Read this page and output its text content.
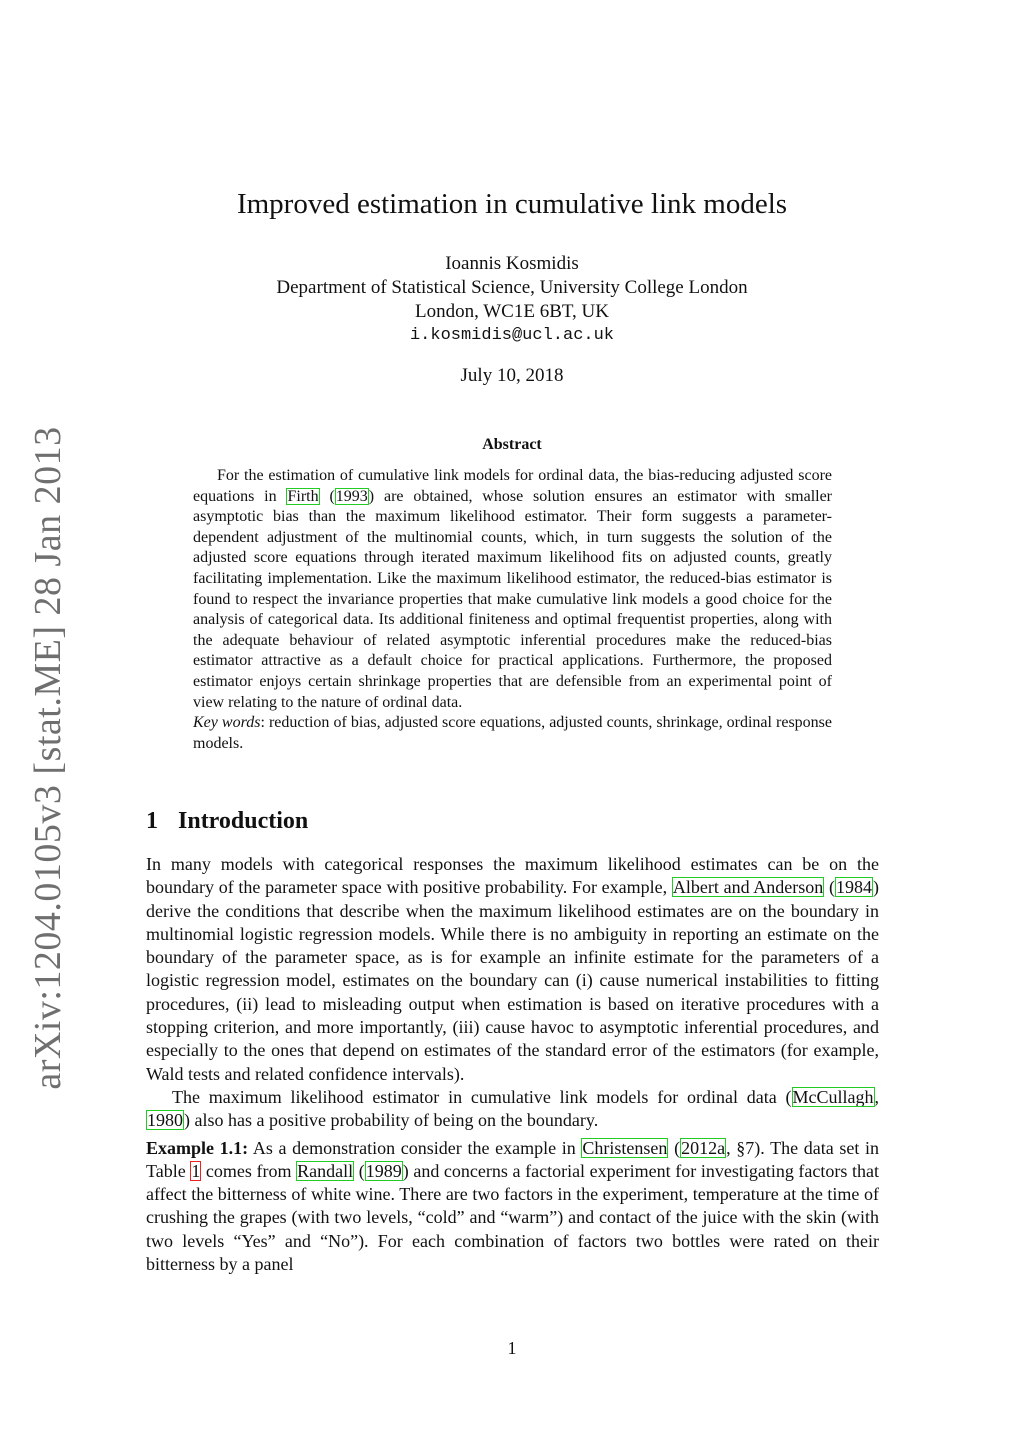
arXiv:1204.0105v3 [stat.ME] 28 Jan 2013
Improved estimation in cumulative link models
Ioannis Kosmidis
Department of Statistical Science, University College London
London, WC1E 6BT, UK
i.kosmidis@ucl.ac.uk
July 10, 2018
Abstract

For the estimation of cumulative link models for ordinal data, the bias-reducing adjusted score equations in Firth (1993) are obtained, whose solution ensures an estimator with smaller asymptotic bias than the maximum likelihood estimator. Their form suggests a parameter-dependent adjustment of the multinomial counts, which, in turn suggests the solution of the adjusted score equations through iterated maximum likelihood fits on adjusted counts, greatly facilitating implementation. Like the maximum likelihood estimator, the reduced-bias estimator is found to respect the invariance properties that make cumulative link models a good choice for the analysis of categorical data. Its additional finiteness and optimal frequentist properties, along with the adequate behaviour of related asymptotic inferential procedures make the reduced-bias estimator attractive as a default choice for practical applications. Furthermore, the proposed estimator enjoys certain shrinkage properties that are defensible from an experimental point of view relating to the nature of ordinal data.

Key words: reduction of bias, adjusted score equations, adjusted counts, shrinkage, ordinal response models.

1 Introduction

In many models with categorical responses the maximum likelihood estimates can be on the boundary of the parameter space with positive probability. For example, Albert and Anderson (1984) derive the conditions that describe when the maximum likelihood estimates are on the boundary in multinomial logistic regression models. While there is no ambiguity in reporting an estimate on the boundary of the parameter space, as is for example an infinite estimate for the parameters of a logistic regression model, estimates on the boundary can (i) cause numerical instabilities to fitting procedures, (ii) lead to misleading output when estimation is based on iterative procedures with a stopping criterion, and more importantly, (iii) cause havoc to asymptotic inferential procedures, and especially to the ones that depend on estimates of the standard error of the estimators (for example, Wald tests and related confidence intervals).

The maximum likelihood estimator in cumulative link models for ordinal data (McCullagh, 1980) also has a positive probability of being on the boundary.

Example 1.1: As a demonstration consider the example in Christensen (2012a, §7). The data set in Table 1 comes from Randall (1989) and concerns a factorial experiment for investigating factors that affect the bitterness of white wine. There are two factors in the experiment, temperature at the time of crushing the grapes (with two levels, “cold” and “warm”) and contact of the juice with the skin (with two levels “Yes” and “No”). For each combination of factors two bottles were rated on their bitterness by a panel

1
